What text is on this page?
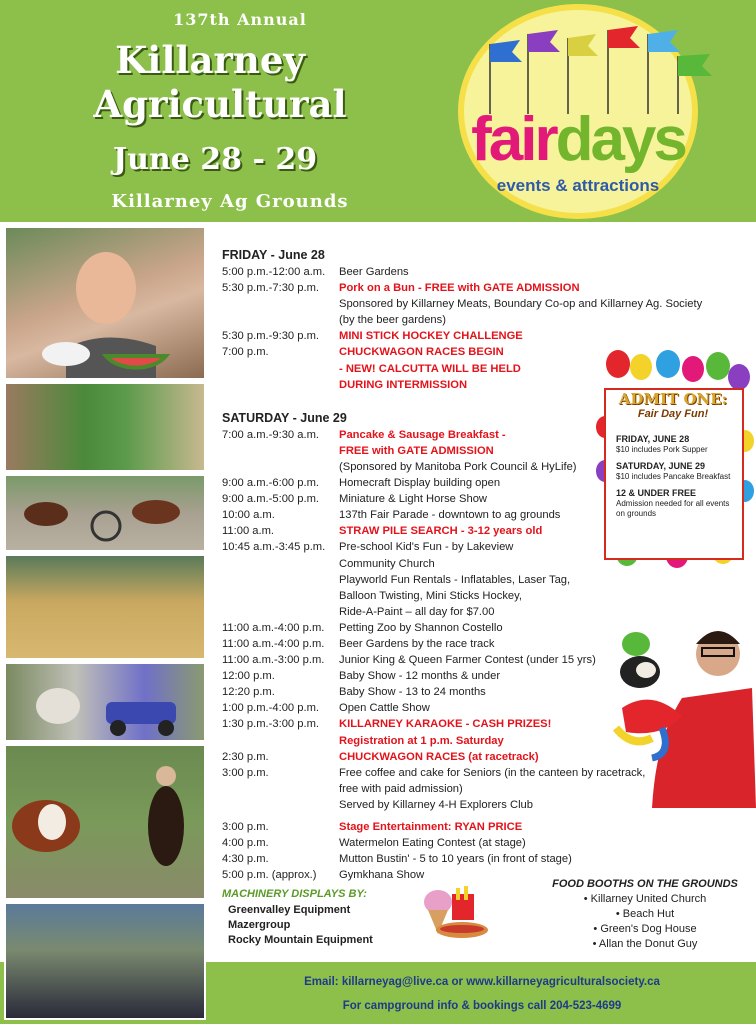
137th Annual
Killarney
Agricultural
June 28 - 29
Killarney Ag Grounds
fairdays
events & attractions
FRIDAY - June 28
5:00 p.m.-12:00 a.m.	Beer Gardens
5:30 p.m.-7:30 p.m.	Pork on a Bun - FREE with GATE ADMISSION
Sponsored by Killarney Meats, Boundary Co-op and Killarney Ag. Society
(by the beer gardens)
5:30 p.m.-9:30 p.m.	MINI STICK HOCKEY CHALLENGE
7:00 p.m.	CHUCKWAGON RACES BEGIN
- NEW! CALCUTTA WILL BE HELD
DURING INTERMISSION
SATURDAY - June 29
7:00 a.m.-9:30 a.m.	Pancake & Sausage Breakfast -
FREE with GATE ADMISSION
(Sponsored by Manitoba Pork Council & HyLife)
9:00 a.m.-6:00 p.m.	Homecraft Display building open
9:00 a.m.-5:00 p.m.	Miniature & Light Horse Show
10:00 a.m.	137th Fair Parade - downtown to ag grounds
11:00 a.m.	STRAW PILE SEARCH - 3-12 years old
10:45 a.m.-3:45 p.m.	Pre-school Kid's Fun - by Lakeview
Community Church
Playworld Fun Rentals - Inflatables, Laser Tag,
Balloon Twisting, Mini Sticks Hockey,
Ride-A-Paint – all day for $7.00
11:00 a.m.-4:00 p.m.	Petting Zoo by Shannon Costello
11:00 a.m.-4:00 p.m.	Beer Gardens by the race track
11:00 a.m.-3:00 p.m.	Junior King & Queen Farmer Contest (under 15 yrs)
12:00 p.m.	Baby Show - 12 months & under
12:20 p.m.	Baby Show - 13 to 24 months
1:00 p.m.-4:00 p.m.	Open Cattle Show
1:30 p.m.-3:00 p.m.	KILLARNEY KARAOKE - CASH PRIZES!
Registration at 1 p.m. Saturday
2:30 p.m.	CHUCKWAGON RACES (at racetrack)
3:00 p.m.	Free coffee and cake for Seniors (in the canteen by racetrack,
free with paid admission)
Served by Killarney 4-H Explorers Club
3:00 p.m.	Stage Entertainment: RYAN PRICE
4:00 p.m.	Watermelon Eating Contest (at stage)
4:30 p.m.	Mutton Bustin' - 5 to 10 years (in front of stage)
5:00 p.m. (approx.)	Gymkhana Show
ADMIT ONE:
Fair Day Fun!
FRIDAY, JUNE 28
$10 includes Pork Supper

SATURDAY, JUNE 29
$10 includes Pancake Breakfast

12 & UNDER FREE
Admission needed for all events on grounds
MACHINERY DISPLAYS BY:
Greenvalley Equipment
Mazergroup
Rocky Mountain Equipment
FOOD BOOTHS ON THE GROUNDS
• Killarney United Church
• Beach Hut
• Green's Dog House
• Allan the Donut Guy
Email: killarneyag@live.ca or www.killarneyagriculturalsociety.ca
For campground info & bookings call 204-523-4699
